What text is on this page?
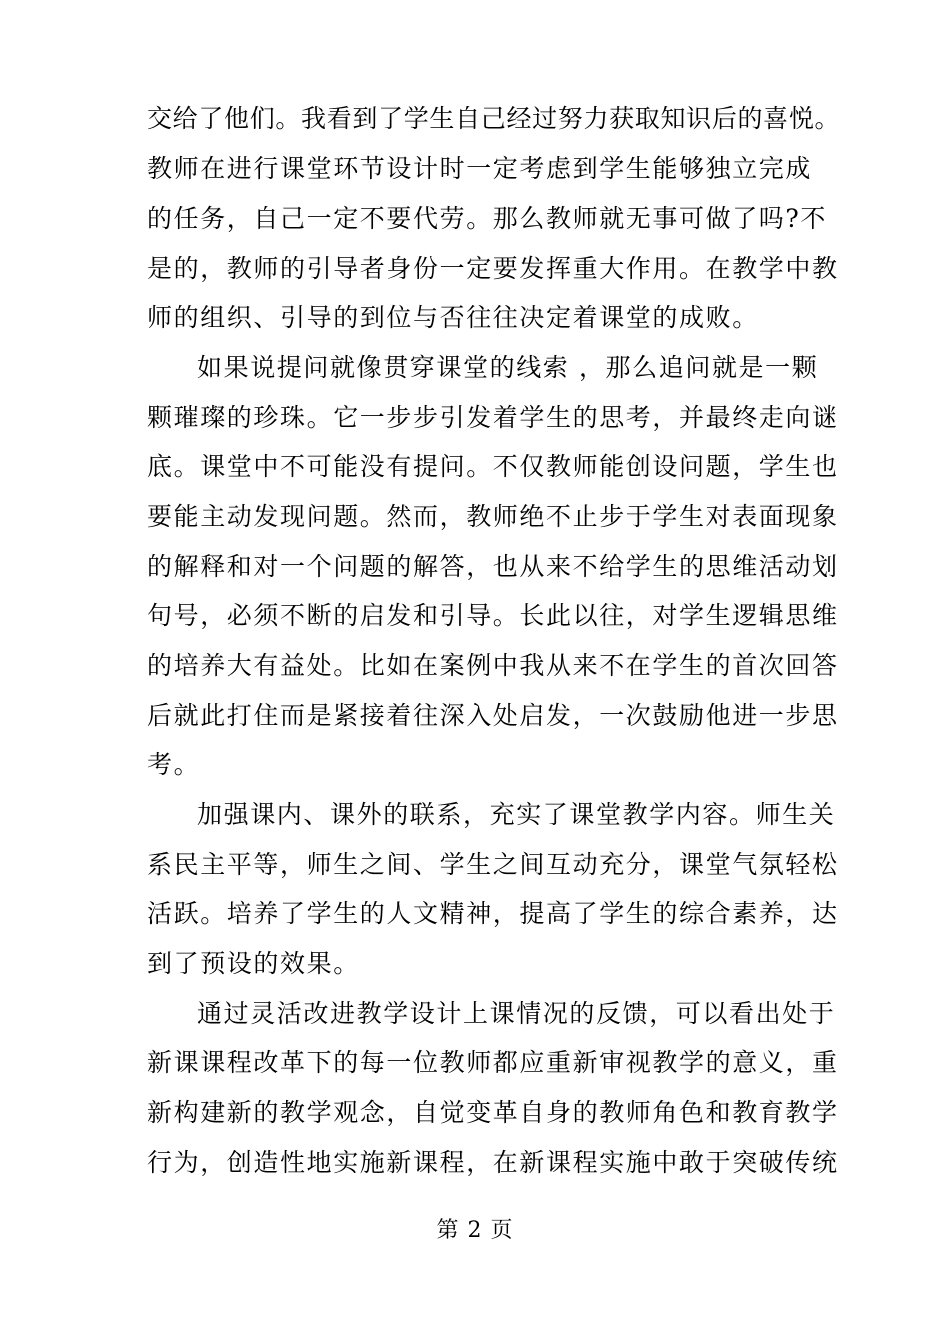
交给了他们。我看到了学生自己经过努力获取知识后的喜悦。
教师在进行课堂环节设计时一定考虑到学生能够独立完成
的任务，自己一定不要代劳。那么教师就无事可做了吗?不
是的，教师的引导者身份一定要发挥重大作用。在教学中教
师的组织、引导的到位与否往往决定着课堂的成败。
如果说提问就像贯穿课堂的线索 ，那么追问就是一颗
颗璀璨的珍珠。它一步步引发着学生的思考，并最终走向谜
底。课堂中不可能没有提问。不仅教师能创设问题，学生也
要能主动发现问题。然而，教师绝不止步于学生对表面现象
的解释和对一个问题的解答，也从来不给学生的思维活动划
句号，必须不断的启发和引导。长此以往，对学生逻辑思维
的培养大有益处。比如在案例中我从来不在学生的首次回答
后就此打住而是紧接着往深入处启发，一次鼓励他进一步思
考。
加强课内、课外的联系，充实了课堂教学内容。师生关
系民主平等，师生之间、学生之间互动充分，课堂气氛轻松
活跃。培养了学生的人文精神，提高了学生的综合素养，达
到了预设的效果。
通过灵活改进教学设计上课情况的反馈，可以看出处于
新课课程改革下的每一位教师都应重新审视教学的意义，重
新构建新的教学观念，自觉变革自身的教师角色和教育教学
行为，创造性地实施新课程，在新课程实施中敢于突破传统
第 2 页
